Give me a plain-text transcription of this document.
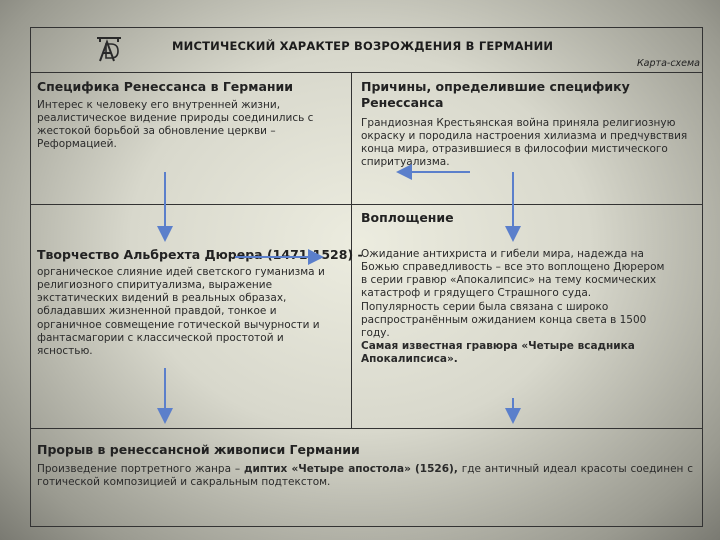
МИСТИЧЕСКИЙ ХАРАКТЕР ВОЗРОЖДЕНИЯ В ГЕРМАНИИ
Карта-схема
Специфика Ренессанса в Германии
Интерес к человеку его внутренней жизни, реалистическое видение природы соединились с жестокой борьбой за обновление церкви – Реформацией.
Причины, определившие специфику Ренессанса
Грандиозная Крестьянская война приняла религиозную окраску и породила настроения хилиазма и предчувствия конца мира, отразившиеся в философии мистического спиритуализма.
Воплощение
Творчество Альбрехта Дюрера (1471-1528) -
органическое слияние идей светского гуманизма и религиозного спиритуализма, выражение экстатических видений в реальных образах, обладавших жизненной правдой, тонкое и органичное совмещение готической вычурности и фантасмагории с классической простотой и ясностью.
Ожидание антихриста и гибели мира, надежда на Божью справедливость – все это воплощено Дюрером в серии гравюр «Апокалипсис» на тему космических катастроф и грядущего Страшного суда.
Популярность серии была связана с широко распространённым ожиданием конца света в 1500 году.
Самая известная гравюра «Четыре всадника Апокалипсиса».
Прорыв в ренессансной живописи Германии
Произведение портретного жанра – диптих «Четыре апостола» (1526), где античный идеал красоты соединен с готической композицией и сакральным подтекстом.
